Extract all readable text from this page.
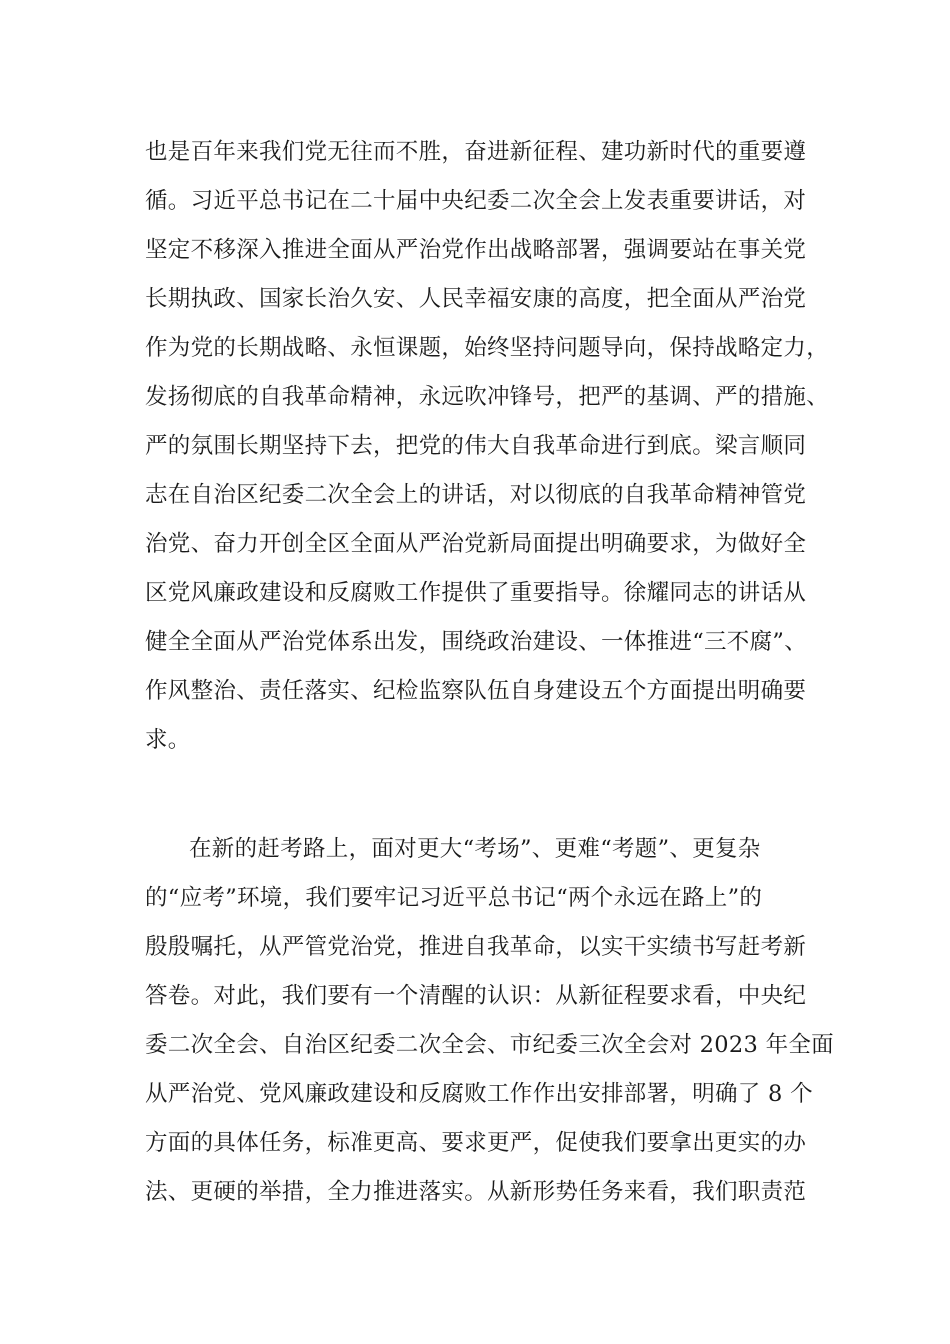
也是百年来我们党无往而不胜，奋进新征程、建功新时代的重要遵
循。习近平总书记在二十届中央纪委二次全会上发表重要讲话，对
坚定不移深入推进全面从严治党作出战略部署，强调要站在事关党
长期执政、国家长治久安、人民幸福安康的高度，把全面从严治党
作为党的长期战略、永恒课题，始终坚持问题导向，保持战略定力，
发扬彻底的自我革命精神，永远吹冲锋号，把严的基调、严的措施、
严的氛围长期坚持下去，把党的伟大自我革命进行到底。梁言顺同
志在自治区纪委二次全会上的讲话，对以彻底的自我革命精神管党
治党、奋力开创全区全面从严治党新局面提出明确要求，为做好全
区党风廉政建设和反腐败工作提供了重要指导。徐耀同志的讲话从
健全全面从严治党体系出发，围绕政治建设、一体推进“三不腐”、
作风整治、责任落实、纪检监察队伍自身建设五个方面提出明确要
求。
在新的赶考路上，面对更大“考场”、更难“考题”、更复杂
的“应考”环境，我们要牢记习近平总书记“两个永远在路上”的
殷殷嘱托，从严管党治党，推进自我革命，以实干实绩书写赶考新
答卷。对此，我们要有一个清醒的认识：从新征程要求看，中央纪
委二次全会、自治区纪委二次全会、市纪委三次全会对 2023 年全面
从严治党、党风廉政建设和反腐败工作作出安排部署，明确了 8 个
方面的具体任务，标准更高、要求更严，促使我们要拿出更实的办
法、更硬的举措，全力推进落实。从新形势任务来看，我们职责范
